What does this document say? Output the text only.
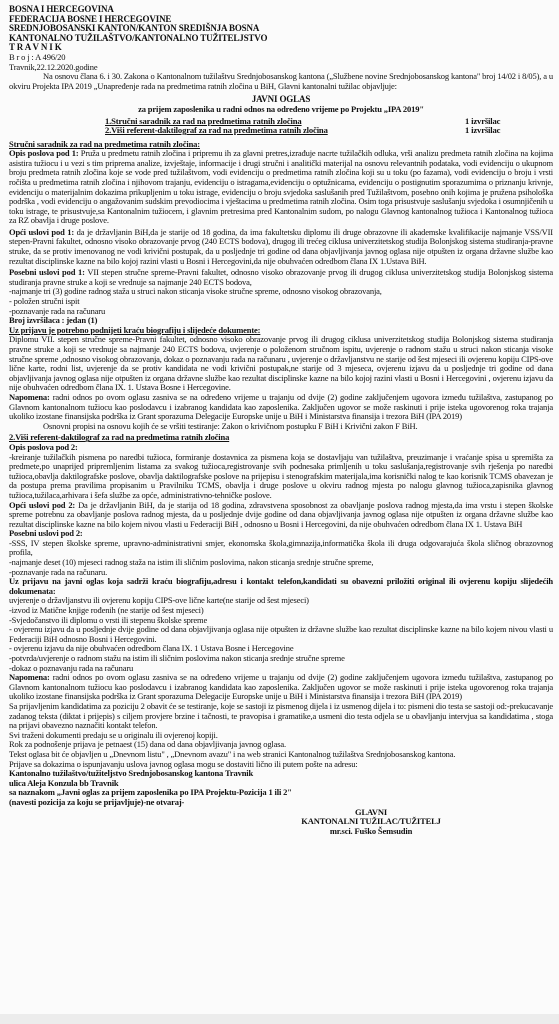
BOSNA I HERCEGOVINA
FEDERACIJA BOSNE I HERCEGOVINE
SREDNJOBOSANSKI KANTON/KANTON SREDIŠNJA BOSNA
KANTONALNO TUŽILAŠTVO/KANTONALNO TUŽITELJSTVO
T R A V N I K
B r o j : A 496/20
Travnik,22.12.2020.godine

Na osnovu člana 6. i 30. Zakona o Kantonalnom tužilaštvu Srednjobosanskog kantona („Službene novine Srednjobosanskog kantona" broj 14/02 i 8/05), a u okviru Projekta IPA 2019 „Unapređenje rada na predmetima ratnih zločina u BiH, Glavni kantonalni tužilac objavljuje:

JAVNI OGLAS
za prijem zaposlenika u radni odnos na određeno vrijeme po Projektu „IPA 2019"
1.Stručni saradnik za rad na predmetima ratnih zločina	1 izvršilac
2.Viši referent-daktilograf za rad na predmetima ratnih zločina	1 izvršilac
Stručni saradnik za rad na predmetima ratnih zločina:

Opis poslova pod 1: Pruža u predmetu ratnih zločina i pripremu ih za glavni pretres,izrađuje nacrte tužilačkih odluka, vrši analizu predmeta ratnih zločina na kojima asistira tužiocu i u vezi s tim priprema analize, izvještaje, informacije i drugi stručni i analitički materijal na osnovu relevantnih podataka, vodi evidenciju o ukupnom broju predmeta ratnih zločina koje se vode pred tužilaštvom, vodi evidenciju o predmetima ratnih zločina koji su u toku (po fazama), vodi evidenciju o broju i vrsti ročišta u predmetima ratnih zločina i njihovom trajanju, evidenciju o istragama,evidenciju o optužnicama, evidenciju o postignutim sporazumima o priznanju krivnje, evidenciju o materijalnim dokazima prikupljenim u toku istrage, evidenciju o broju svjedoka saslušanih pred Tužilaštvom, posebno onih kojima je pružena psihološka podrška , vodi evidenciju o angažovanim sudskim prevodiocima i vještacima u predmetima ratnih zločina. Osim toga prisustvuje saslušanju svjedoka i osumnjičenih u toku istrage, te prisustvuje,sa Kantonalnim tužiocem, i glavnim pretresima pred Kantonalnim sudom, po nalogu Glavnog kantonalnog tužioca i Kantonalnog tužioca za RZ obavlja i druge poslove.

Opći uslovi pod 1: da je državljanin BiH,da je starije od 18 godina, da ima fakultetsku diplomu ili druge obrazovne ili akademske kvalifikacije najmanje VSS/VII stepen-Pravni fakultet, odnosno visoko obrazovanje prvog (240 ECTS bodova), drugog ili trećeg ciklusa univerzitetskog studija Bolonjskog sistema studiranja-pravne struke, da se protiv imenovanog ne vodi krivični postupak, da u posljednje tri godine od dana objavljivanja javnog oglasa nije otpušten iz organa državne službe kao rezultat disciplinske kazne na bilo kojoj razini vlasti u Bosni i Hercegovini,da nije obuhvaćen odredbom člana IX 1.Ustava BiH.

Posebni uslovi pod 1: VII stepen stručne spreme-Pravni fakultet, odnosno visoko obrazovanje prvog ili drugog ciklusa univerzitetskog studija Bolonjskog sistema studiranja pravne struke a koji se vrednuje sa najmanje 240 ECTS bodova,

-najmanje tri (3) godine radnog staža u struci nakon sticanja visoke stručne spreme, odnosno visokog obrazovanja,
- položen stručni ispit
-poznavanje rada na računaru
Broj izvršilaca : jedan (1)
Uz prijavu je potrebno podnijeti kraću biografiju i slijedeće dokumente:

Diplomu VII. stepen stručne spreme-Pravni fakultet, odnosno visoko obrazovanje prvog ili drugog ciklusa univerzitetskog studija Bolonjskog sistema studiranja pravne struke a koji se vrednuje sa najmanje 240 ECTS bodova, uvjerenje o položenom stručnom ispitu, uvjerenje o radnom stažu u struci nakon sticanja visoke stručne spreme ,odnosno visokog obrazovanja, dokaz o poznavanju rada na računaru , uvjerenje o državljanstvu ne starije od šest mjeseci ili ovjerenu kopiju CIPS-ove lične karte, rodni list, uvjerenje da se protiv kandidata ne vodi krivični postupak,ne starije od 3 mjeseca, ovjerenu izjavu da u posljednje tri godine od dana objavljivanja javnog oglasa nije otpušten iz organa državne službe kao rezultat disciplinske kazne na bilo kojoj razini vlasti u Bosni i Hercegovini , ovjerenu izjavu da nije obuhvaćen odredbom člana IX. 1. Ustava Bosne i Hercegovine.

Napomena: radni odnos po ovom oglasu zasniva se na određeno vrijeme u trajanju od dvije (2) godine zaključenjem ugovora između tužilaštva, zastupanog po Glavnom kantonalnom tužiocu kao poslodavcu i izabranog kandidata kao zaposlenika. Zaključen ugovor se može raskinuti i prije isteka ugovorenog roka trajanja ukoliko izostane finansijska podrška iz Grant sporazuma Delegacije Europske unije u BiH i Ministarstva finansija i trezora BiH (IPA 2019)

Osnovni propisi na osnovu kojih će se vršiti testiranje: Zakon o krivičnom postupku F BiH i Krivični zakon F BiH.

2.Viši referent-daktilograf za rad na predmetima ratnih zločina
Opis poslova pod 2:

-kreiranje tužilačkih pismena po naredbi tužioca, formiranje dostavnica za pismena koja se dostavljaju van tužilaštva, preuzimanje i vraćanje spisa u spremišta za predmete,po unaprijed pripremljenim listama za svakog tužioca,registrovanje svih podnesaka primljenih u toku saslušanja,registrovanje svih rješenja po naredbi tužioca,obavlja daktilografske poslove, obavlja daktilografske poslove na prijepisu i stenografskim materijala,ima korisnički nalog te kao korisnik TCMS obavezan je da postupa prema pravilima propisanim u Pravilniku TCMS, obavlja i druge poslove u okviru radnog mjesta po nalogu glavnog tužioca,zapisnika glavnog tužioca,tužilaca,arhivara i šefa službe za opće, administrativno-tehničke poslove.

Opći uslovi pod 2: Da je državljanin BiH, da je starija od 18 godina, zdravstvena sposobnost za obavljanje poslova radnog mjesta,da ima vrstu i stepen školske spreme potrebnu za obavljanje poslova radnog mjesta, da u posljednje dvije godine od dana objavljivanja javnog oglasa nije otpušten iz organa državne službe kao rezultat disciplinske kazne na bilo kojem nivou vlasti u Federaciji BiH , odnosno u Bosni i Hercegovini, da nije obuhvaćen odredbom člana IX 1. Ustava BiH

Posebni uslovi pod 2:

-SSS, IV stepen školske spreme, upravno-administrativni smjer, ekonomska škola,gimnazija,informatička škola ili druga odgovarajuća škola sličnog obrazovnog profila,

-najmanje deset (10) mjeseci radnog staža na istim ili sličnim poslovima, nakon sticanja srednje stručne spreme,
-poznavanje rada na računaru.

Uz prijavu na javni oglas koja sadrži kraću biografiju,adresu i kontakt telefon,kandidati su obavezni priložiti original ili ovjerenu kopiju slijedećih dokumenata:

uvjerenje o državljanstvu ili ovjerenu kopiju CIPS-ove lične karte(ne starije od šest mjeseci)
-izvod iz Matične knjige rođenih (ne starije od šest mjeseci)
-Svjedočanstvo ili diplomu o vrsti ili stepenu školske spreme

- ovjerenu izjavu da u posljednje dvije godine od dana objavljivanja oglasa nije otpušten iz državne službe kao rezultat disciplinske kazne na bilo kojem nivou vlasti u Federaciji BiH odnosno Bosni i Hercegovini.

- ovjerenu izjavu da nije obuhvaćen odredbom člana IX. 1 Ustava Bosne i Hercegovine
-potvrda/uvjerenje o radnom stažu na istim ili sličnim poslovima nakon sticanja srednje stručne spreme
-dokaz o poznavanju rada na računaru

Napomena: radni odnos po ovom oglasu zasniva se na određeno vrijeme u trajanju od dvije (2) godine zaključenjem ugovora između tužilaštva, zastupanog po Glavnom kantonalnom tužiocu kao poslodavcu i izabranog kandidata kao zaposlenika. Zaključen ugovor se može raskinuti i prije isteka ugovorenog roka trajanja ukoliko izostane finansijska podrška iz Grant sporazuma Delegacije Europske unije u BiH i Ministarstva finansija i trezora BiH (IPA 2019)

Sa prijavljenim kandidatima za poziciju 2 obavit će se testiranje, koje se sastoji iz pismenog dijela i iz usmenog dijela i to: pismeni dio testa se sastoji od:-prekucavanje zadanog teksta (diktat i prijepis) s ciljem provjere brzine i tačnosti, te pravopisa i gramatike,a usmeni dio testa odjela se u obavljanju intervjua sa kandidatima , stoga na prijavi obavezno naznačiti kontakt telefon.

Svi traženi dokumenti predaju se u originalu ili ovjerenoj kopiji.
Rok za podnošenje prijava je petnaest (15) dana od dana objavljivanja javnog oglasa.

Tekst oglasa bit će objavljen u „Dnevnom listu" , „Dnevnom avazu" i na web stranici Kantonalnog tužilaštva Srednjobosanskog kantona.

Prijave sa dokazima o ispunjavanju uslova javnog oglasa mogu se dostaviti lično ili putem pošte na adresu:
Kantonalno tužilaštvo/tužiteljstvo Srednjobosanskog kantona Travnik
ulica Aleja Konzula bb Travnik
sa naznakom „Javni oglas za prijem zaposlenika po IPA Projektu-Pozicija 1 ili 2"
(navesti pozicija za koju se prijavljuje)-ne otvaraj-
GLAVNI
KANTONALNI TUŽILAC/TUŽITELJ
mr.sci. Fuško Šemsudin
